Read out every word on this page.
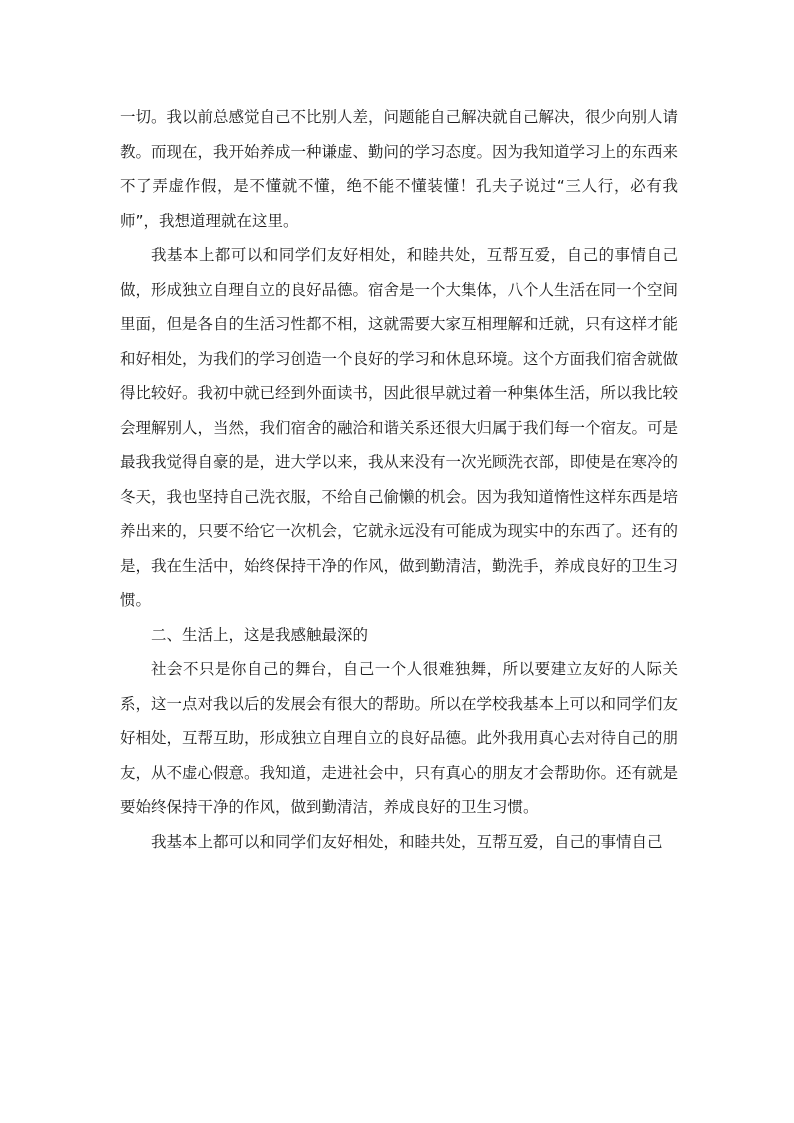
一切。我以前总感觉自己不比别人差，问题能自己解决就自己解决，很少向别人请教。而现在，我开始养成一种谦虚、勤问的学习态度。因为我知道学习上的东西来不了弄虚作假，是不懂就不懂，绝不能不懂装懂！孔夫子说过“三人行，必有我师”，我想道理就在这里。

我基本上都可以和同学们友好相处，和睦共处，互帮互爱，自己的事情自己做，形成独立自理自立的良好品德。宿舍是一个大集体，八个人生活在同一个空间里面，但是各自的生活习性都不相，这就需要大家互相理解和迁就，只有这样才能和好相处，为我们的学习创造一个良好的学习和休息环境。这个方面我们宿舍就做得比较好。我初中就已经到外面读书，因此很早就过着一种集体生活，所以我比较会理解别人，当然，我们宿舍的融洽和谐关系还很大归属于我们每一个宿友。可是最我我觉得自豪的是，进大学以来，我从来没有一次光顾洗衣部，即使是在寒冷的冬天，我也坚持自己洗衣服，不给自己偷懒的机会。因为我知道惰性这样东西是培养出来的，只要不给它一次机会，它就永远没有可能成为现实中的东西了。还有的是，我在生活中，始终保持干净的作风，做到勤清洁，勤洗手，养成良好的卫生习惯。

二、生活上，这是我感触最深的

社会不只是你自己的舞台，自己一个人很难独舞，所以要建立友好的人际关系，这一点对我以后的发展会有很大的帮助。所以在学校我基本上可以和同学们友好相处，互帮互助，形成独立自理自立的良好品德。此外我用真心去对待自己的朋友，从不虚心假意。我知道，走进社会中，只有真心的朋友才会帮助你。还有就是要始终保持干净的作风，做到勤清洁，养成良好的卫生习惯。

我基本上都可以和同学们友好相处，和睦共处，互帮互爱，自己的事情自己
